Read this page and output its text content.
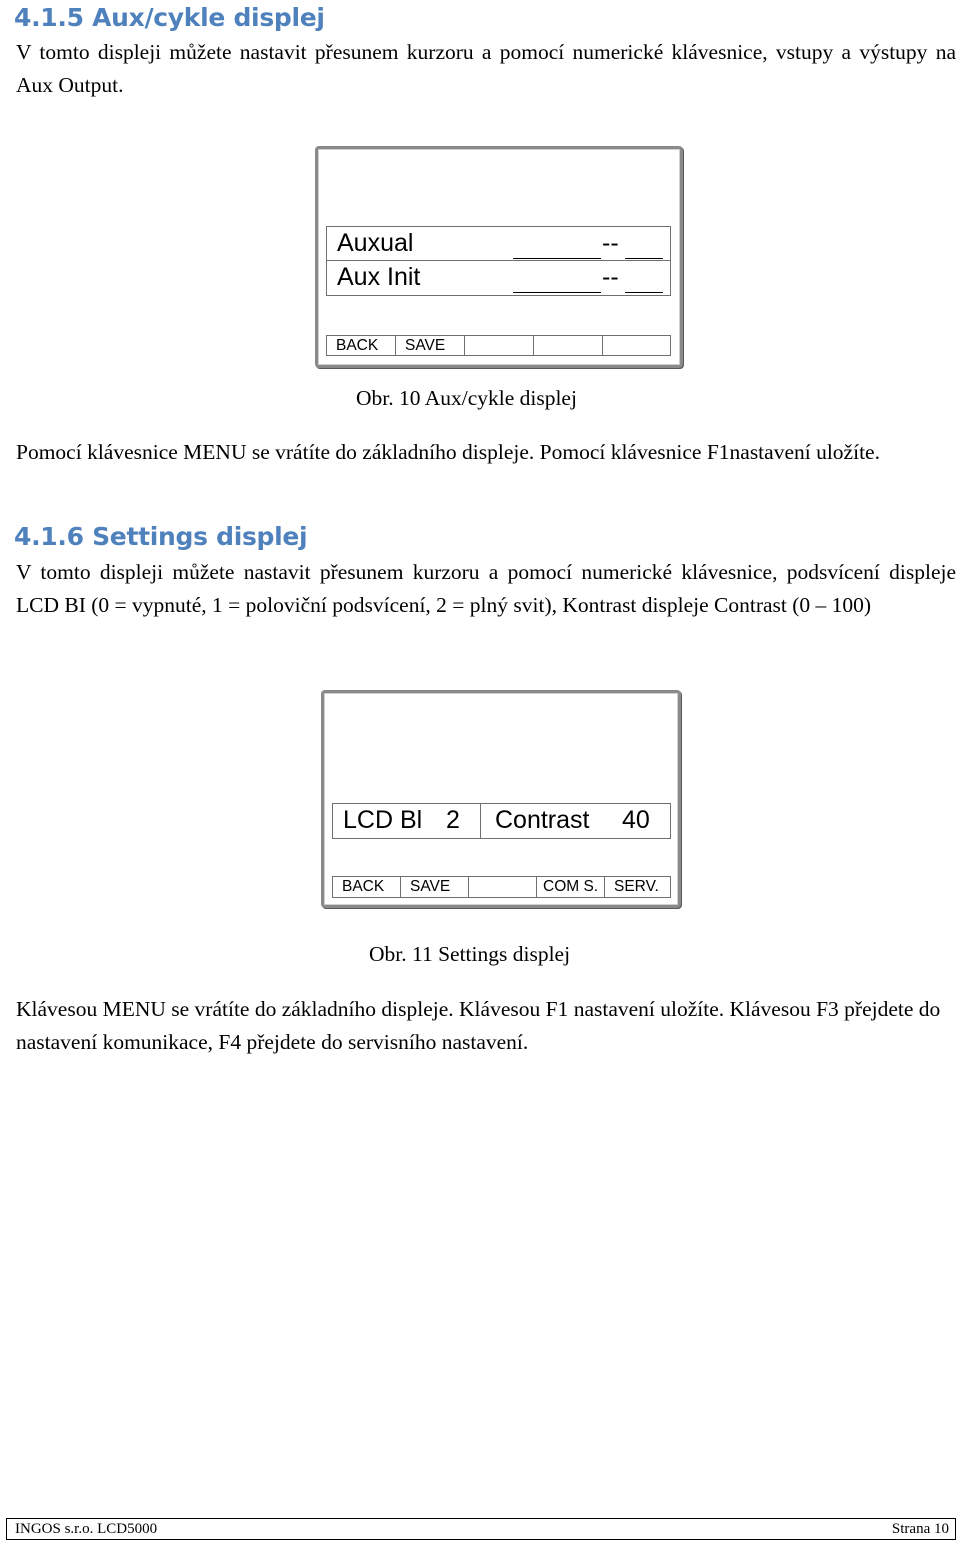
4.1.5 Aux/cykle displej

V tomto displeji můžete nastavit přesunem kurzoru a pomocí numerické klávesnice, vstupy a výstupy na Aux Output.

Auxual	--
Aux Init	--
BACK	SAVE
Obr. 10 Aux/cykle displej

Pomocí klávesnice MENU se vrátíte do základního displeje. Pomocí klávesnice F1nastavení uložíte.

4.1.6 Settings displej

V tomto displeji můžete nastavit přesunem kurzoru a pomocí numerické klávesnice, podsvícení displeje LCD BI (0 = vypnuté, 1 = poloviční podsvícení, 2 = plný svit), Kontrast displeje Contrast (0 – 100)

LCD Bl 2 Contrast 40
BACK	SAVE	COM S.	SERV.
Obr. 11 Settings displej

Klávesou MENU se vrátíte do základního displeje. Klávesou F1 nastavení uložíte. Klávesou F3 přejdete do nastavení komunikace, F4 přejdete do servisního nastavení.

INGOS s.r.o. LCD5000	Strana 10
